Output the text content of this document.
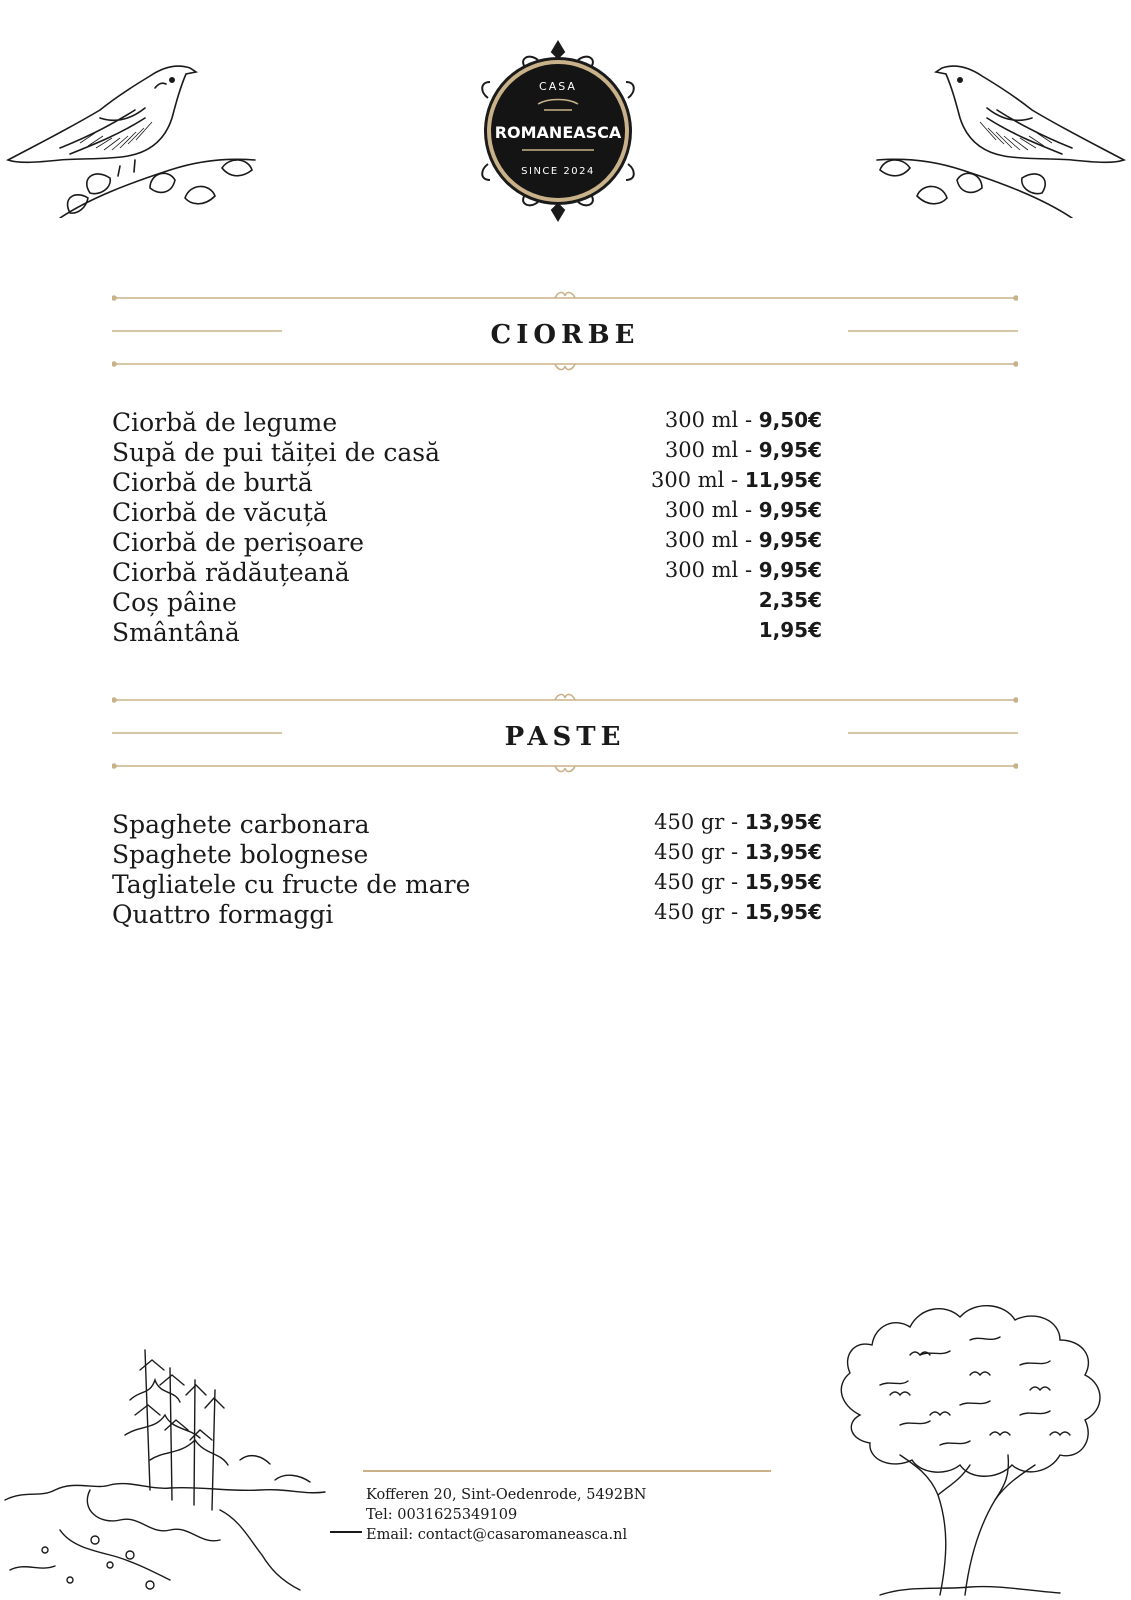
CASA
ROMANEASCA
SINCE 2024
CIORBE
Ciorbă de legume	300 ml - 9,50€
Supă de pui tăiței de casă	300 ml - 9,95€
Ciorbă de burtă	300 ml - 11,95€
Ciorbă de văcuță	300 ml - 9,95€
Ciorbă de perișoare	300 ml - 9,95€
Ciorbă rădăuțeană	300 ml - 9,95€
Coș pâine	2,35€
Smântână	1,95€
PASTE
Spaghete carbonara	450 gr - 13,95€
Spaghete bolognese	450 gr - 13,95€
Tagliatele cu fructe de mare	450 gr - 15,95€
Quattro formaggi	450 gr - 15,95€
Kofferen 20, Sint-Oedenrode, 5492BN
Tel: 0031625349109
Email: contact@casaromaneasca.nl
